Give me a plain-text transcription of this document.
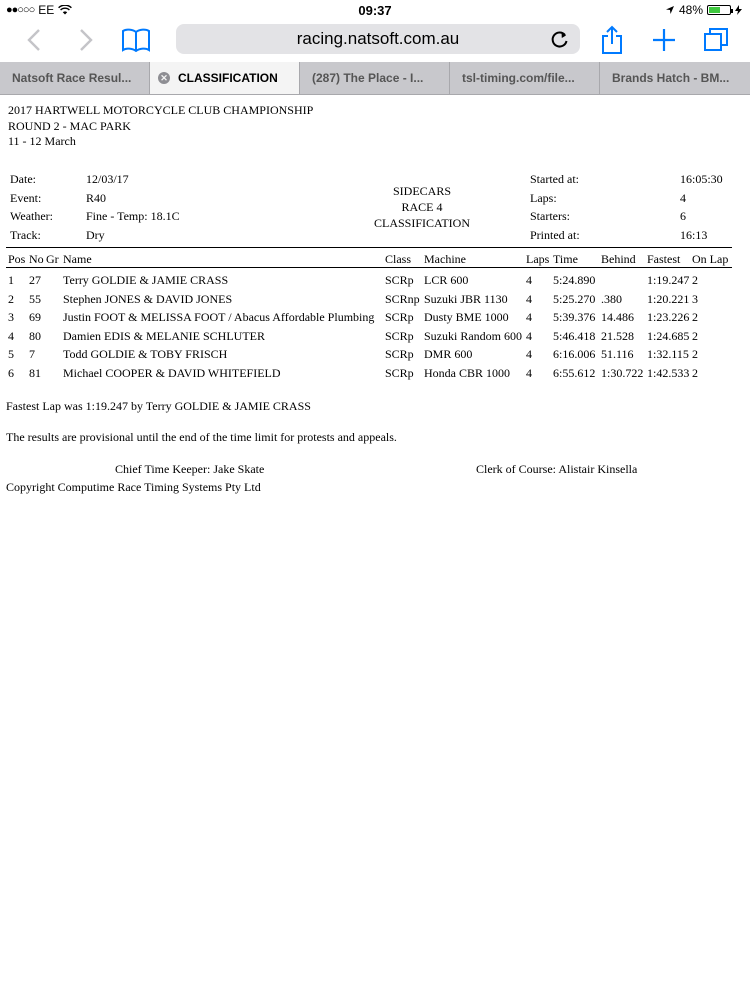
●●○○○ EE	09:37	48%
racing.natsoft.com.au
Natsoft Race Resul...	✕ CLASSIFICATION	(287) The Place - I...	tsl-timing.com/file...	Brands Hatch - BM...
2017 HARTWELL MOTORCYCLE CLUB CHAMPIONSHIP
ROUND 2 - MAC PARK
11 - 12 March
Date:	12/03/17
Event:	R40
Weather:	Fine - Temp: 18.1C
Track:	Dry
SIDECARS
RACE 4
CLASSIFICATION
Started at:	16:05:30
Laps:	4
Starters:	6
Printed at:	16:13
Pos No Gr Name	Class Machine	Laps Time Behind Fastest On Lap
1 27 Terry GOLDIE & JAMIE CRASS	SCRp LCR 600	4 5:24.890	1:19.247 2
2 55 Stephen JONES & DAVID JONES	SCRnp Suzuki JBR 1130 4 5:25.270 .380 1:20.221 3
3 69 Justin FOOT & MELISSA FOOT / Abacus Affordable Plumbing SCRp Dusty BME 1000 4 5:39.376 14.486 1:23.226 2
4 80 Damien EDIS & MELANIE SCHLUTER	SCRp Suzuki Random 600 4 5:46.418 21.528 1:24.685 2
5 7 Todd GOLDIE & TOBY FRISCH	SCRp DMR 600	4 6:16.006 51.116 1:32.115 2
6 81 Michael COOPER & DAVID WHITEFIELD	SCRp Honda CBR 1000 4 6:55.612 1:30.722 1:42.533 2
Fastest Lap was 1:19.247 by Terry GOLDIE & JAMIE CRASS
The results are provisional until the end of the time limit for protests and appeals.
Chief Time Keeper: Jake Skate	Clerk of Course: Alistair Kinsella
Copyright Computime Race Timing Systems Pty Ltd
